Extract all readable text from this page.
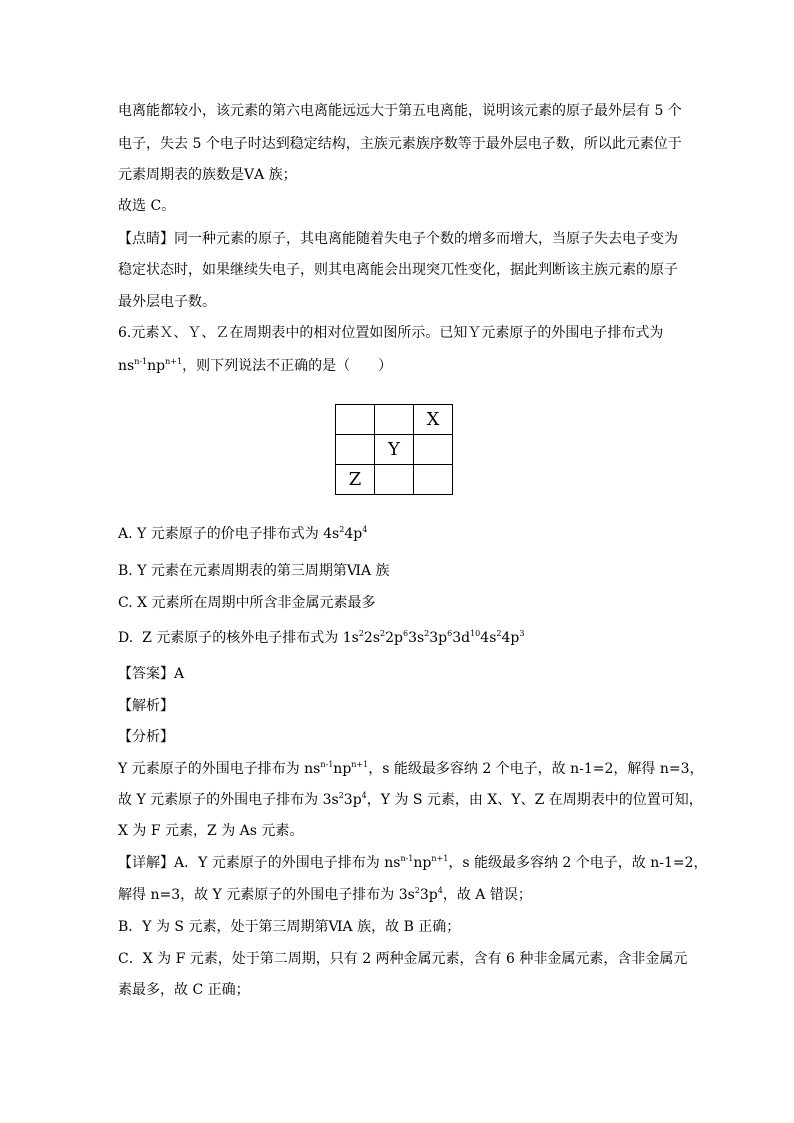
电离能都较小，该元素的第六电离能远远大于第五电离能，说明该元素的原子最外层有 5 个
电子，失去 5 个电子时达到稳定结构，主族元素族序数等于最外层电子数，所以此元素位于
元素周期表的族数是ⅤA 族；
故选 C。
【点睛】同一种元素的原子，其电离能随着失电子个数的增多而增大，当原子失去电子变为
稳定状态时，如果继续失电子，则其电离能会出现突兀性变化，据此判断该主族元素的原子
最外层电子数。
6.元素Ｘ、Ｙ、Ｚ在周期表中的相对位置如图所示。已知Ｙ元素原子的外围电子排布式为
$ns^{n-1}np^{n+1}$，则下列说法不正确的是（　　）
		X
	Y	
Z		
A. Y 元素原子的价电子排布式为 $4s^24p^4$
B. Y 元素在元素周期表的第三周期第ⅥA 族
C. X 元素所在周期中所含非金属元素最多
D.  Z 元素原子的核外电子排布式为 $1s^22s^22p^63s^23p^63d^{10}4s^24p^3$
【答案】A
【解析】
【分析】
Y 元素原子的外围电子排布为 $ns^{n-1}np^{n+1}$，s 能级最多容纳 2 个电子，故 n-1=2，解得 n=3，
故 Y 元素原子的外围电子排布为 $3s^23p^4$，Y 为 S 元素，由 X、Y、Z 在周期表中的位置可知，
X 为 F 元素，Z 为 As 元素。
【详解】A．Y 元素原子的外围电子排布为 $ns^{n-1}np^{n+1}$，s 能级最多容纳 2 个电子，故 n-1=2，
解得 n=3，故 Y 元素原子的外围电子排布为 $3s^23p^4$，故 A 错误；
B．Y 为 S 元素，处于第三周期第ⅥA 族，故 B 正确；
C．X 为 F 元素，处于第二周期，只有 2 两种金属元素，含有 6 种非金属元素，含非金属元
素最多，故 C 正确；
